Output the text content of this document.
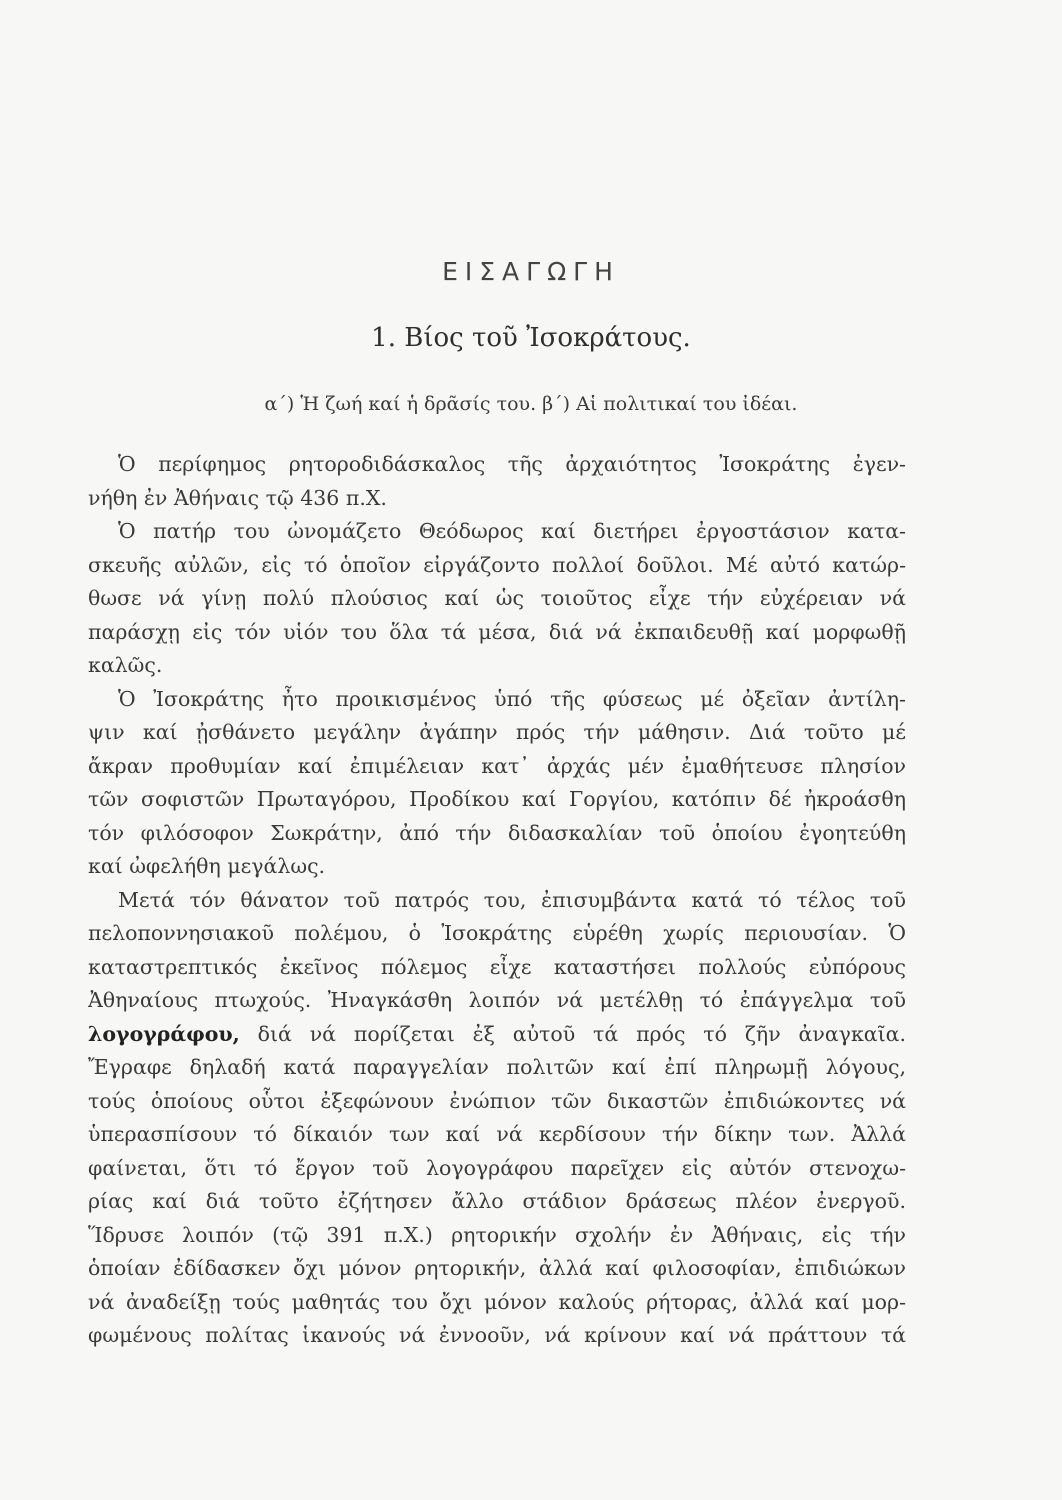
ΕΙΣΑΓΩΓΗ
1. Βίος τοῦ Ἰσοκράτους.
α΄) Ἡ ζωή καί ἡ δρᾶσίς του. β΄) Αἱ πολιτικαί του ἰδέαι.
Ὁ περίφημος ρητοροδιδάσκαλος τῆς ἀρχαιότητος Ἰσοκράτης ἐγεν-
νήθη ἐν Ἀθήναις τῷ 436 π.Χ.
Ὁ πατήρ του ὠνομάζετο Θεόδωρος καί διετήρει ἐργοστάσιον κατα-
σκευῆς αὐλῶν, εἰς τό ὁποῖον εἰργάζοντο πολλοί δοῦλοι. Μέ αὐτό κατώρ-
θωσε νά γίνῃ πολύ πλούσιος καί ὡς τοιοῦτος εἶχε τήν εὐχέρειαν νά
παράσχῃ εἰς τόν υἱόν του ὅλα τά μέσα, διά νά ἐκπαιδευθῇ καί μορφωθῇ
καλῶς.
Ὁ Ἰσοκράτης ἦτο προικισμένος ὑπό τῆς φύσεως μέ ὀξεῖαν ἀντίλη-
ψιν καί ᾐσθάνετο μεγάλην ἀγάπην πρός τήν μάθησιν. Διά τοῦτο μέ
ἄκραν προθυμίαν καί ἐπιμέλειαν κατ᾽ ἀρχάς μέν ἐμαθήτευσε πλησίον
τῶν σοφιστῶν Πρωταγόρου, Προδίκου καί Γοργίου, κατόπιν δέ ἠκροάσθη
τόν φιλόσοφον Σωκράτην, ἀπό τήν διδασκαλίαν τοῦ ὁποίου ἐγοητεύθη
καί ὠφελήθη μεγάλως.
Μετά τόν θάνατον τοῦ πατρός του, ἐπισυμβάντα κατά τό τέλος τοῦ
πελοποννησιακοῦ πολέμου, ὁ Ἰσοκράτης εὑρέθη χωρίς περιουσίαν. Ὁ
καταστρεπτικός ἐκεῖνος πόλεμος εἶχε καταστήσει πολλούς εὐπόρους
Ἀθηναίους πτωχούς. Ἠναγκάσθη λοιπόν νά μετέλθῃ τό ἐπάγγελμα τοῦ
λογογράφου, διά νά πορίζεται ἐξ αὐτοῦ τά πρός τό ζῆν ἀναγκαῖα.
Ἔγραφε δηλαδή κατά παραγγελίαν πολιτῶν καί ἐπί πληρωμῇ λόγους,
τούς ὁποίους οὗτοι ἐξεφώνουν ἐνώπιον τῶν δικαστῶν ἐπιδιώκοντες νά
ὑπερασπίσουν τό δίκαιόν των καί νά κερδίσουν τήν δίκην των. Ἀλλά
φαίνεται, ὅτι τό ἔργον τοῦ λογογράφου παρεῖχεν εἰς αὐτόν στενοχω-
ρίας καί διά τοῦτο ἐζήτησεν ἄλλο στάδιον δράσεως πλέον ἐνεργοῦ.
Ἵδρυσε λοιπόν (τῷ 391 π.Χ.) ρητορικήν σχολήν ἐν Ἀθήναις, εἰς τήν
ὁποίαν ἐδίδασκεν ὄχι μόνον ρητορικήν, ἀλλά καί φιλοσοφίαν, ἐπιδιώκων
νά ἀναδείξῃ τούς μαθητάς του ὄχι μόνον καλούς ρήτορας, ἀλλά καί μορ-
φωμένους πολίτας ἱκανούς νά ἐννοοῦν, νά κρίνουν καί νά πράττουν τά
